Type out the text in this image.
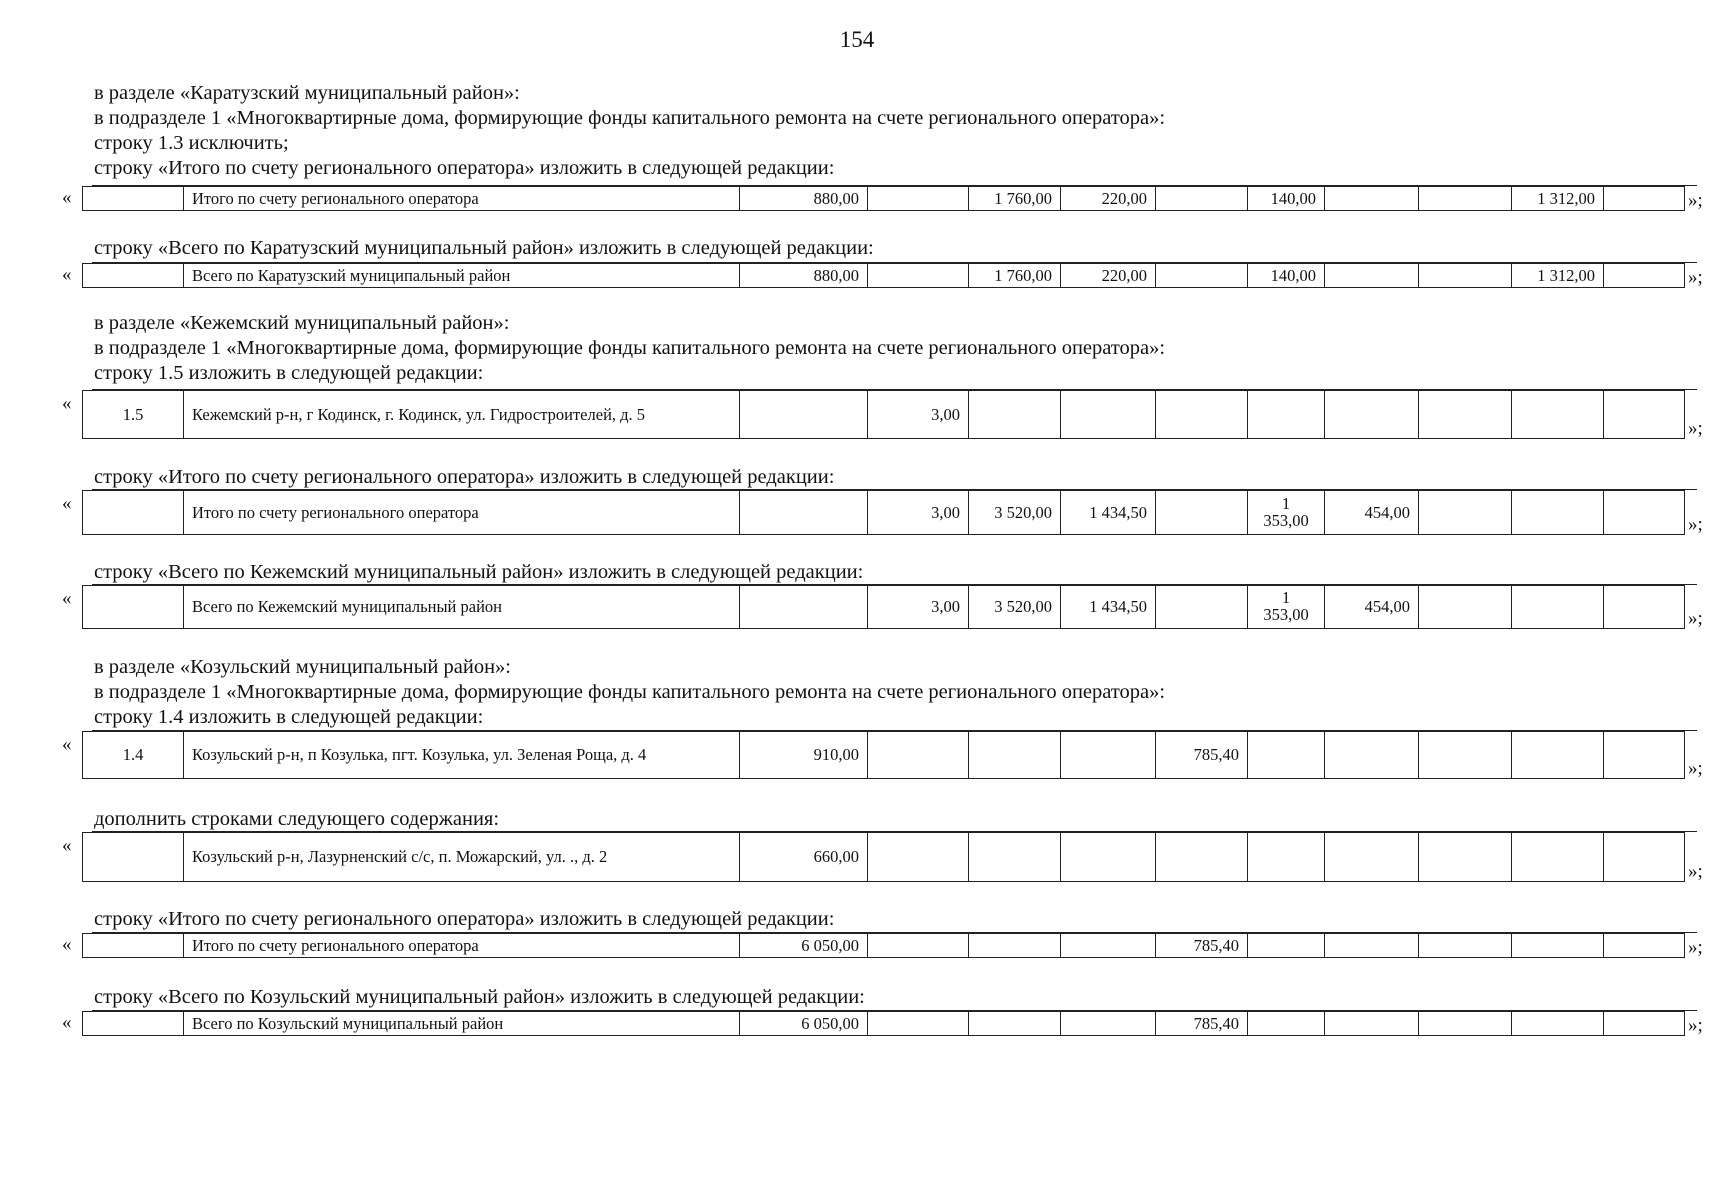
154
в разделе «Каратузский муниципальный район»:
в подразделе 1 «Многоквартирные дома, формирующие фонды капитального ремонта на счете регионального оператора»:
строку 1.3 исключить;
строку «Итого по счету регионального оператора» изложить в следующей редакции:
«
		Итого по счету регионального оператора	880,00		1 760,00	220,00		140,00			1 312,00		»;
строку «Всего по Каратузский муниципальный район» изложить в следующей редакции:
«
		Всего по Каратузский муниципальный район	880,00		1 760,00	220,00		140,00			1 312,00		»;
в разделе «Кежемский муниципальный район»:
в подразделе 1 «Многоквартирные дома, формирующие фонды капитального ремонта на счете регионального оператора»:
строку 1.5 изложить в следующей редакции:
«	1.5	Кежемский р-н, г Кодинск, г. Кодинск, ул. Гидростроителей, д. 5		3,00								
»;
строку «Итого по счету регионального оператора» изложить в следующей редакции:
«
		Итого по счету регионального оператора		3,00	3 520,00	1 434,50		1
353,00	454,00			
»;
строку «Всего по Кежемский муниципальный район» изложить в следующей редакции:
«
		Всего по Кежемский муниципальный район		3,00	3 520,00	1 434,50		1
353,00	454,00			
»;
в разделе «Козульский муниципальный район»:
в подразделе 1 «Многоквартирные дома, формирующие фонды капитального ремонта на счете регионального оператора»:
строку 1.4 изложить в следующей редакции:
«	1.4	Козульский р-н, п Козулька, пгт. Козулька, ул. Зеленая Роща, д. 4	910,00				785,40					
»;
дополнить строками следующего содержания:
«
	Козульский р-н, Лазурненский с/с, п. Можарский, ул. ., д. 2	660,00									
»;
строку «Итого по счету регионального оператора» изложить в следующей редакции:
«
		Итого по счету регионального оператора	6 050,00				785,40						»;
строку «Всего по Козульский муниципальный район» изложить в следующей редакции:
«
		Всего по Козульский муниципальный район	6 050,00				785,40						»;
